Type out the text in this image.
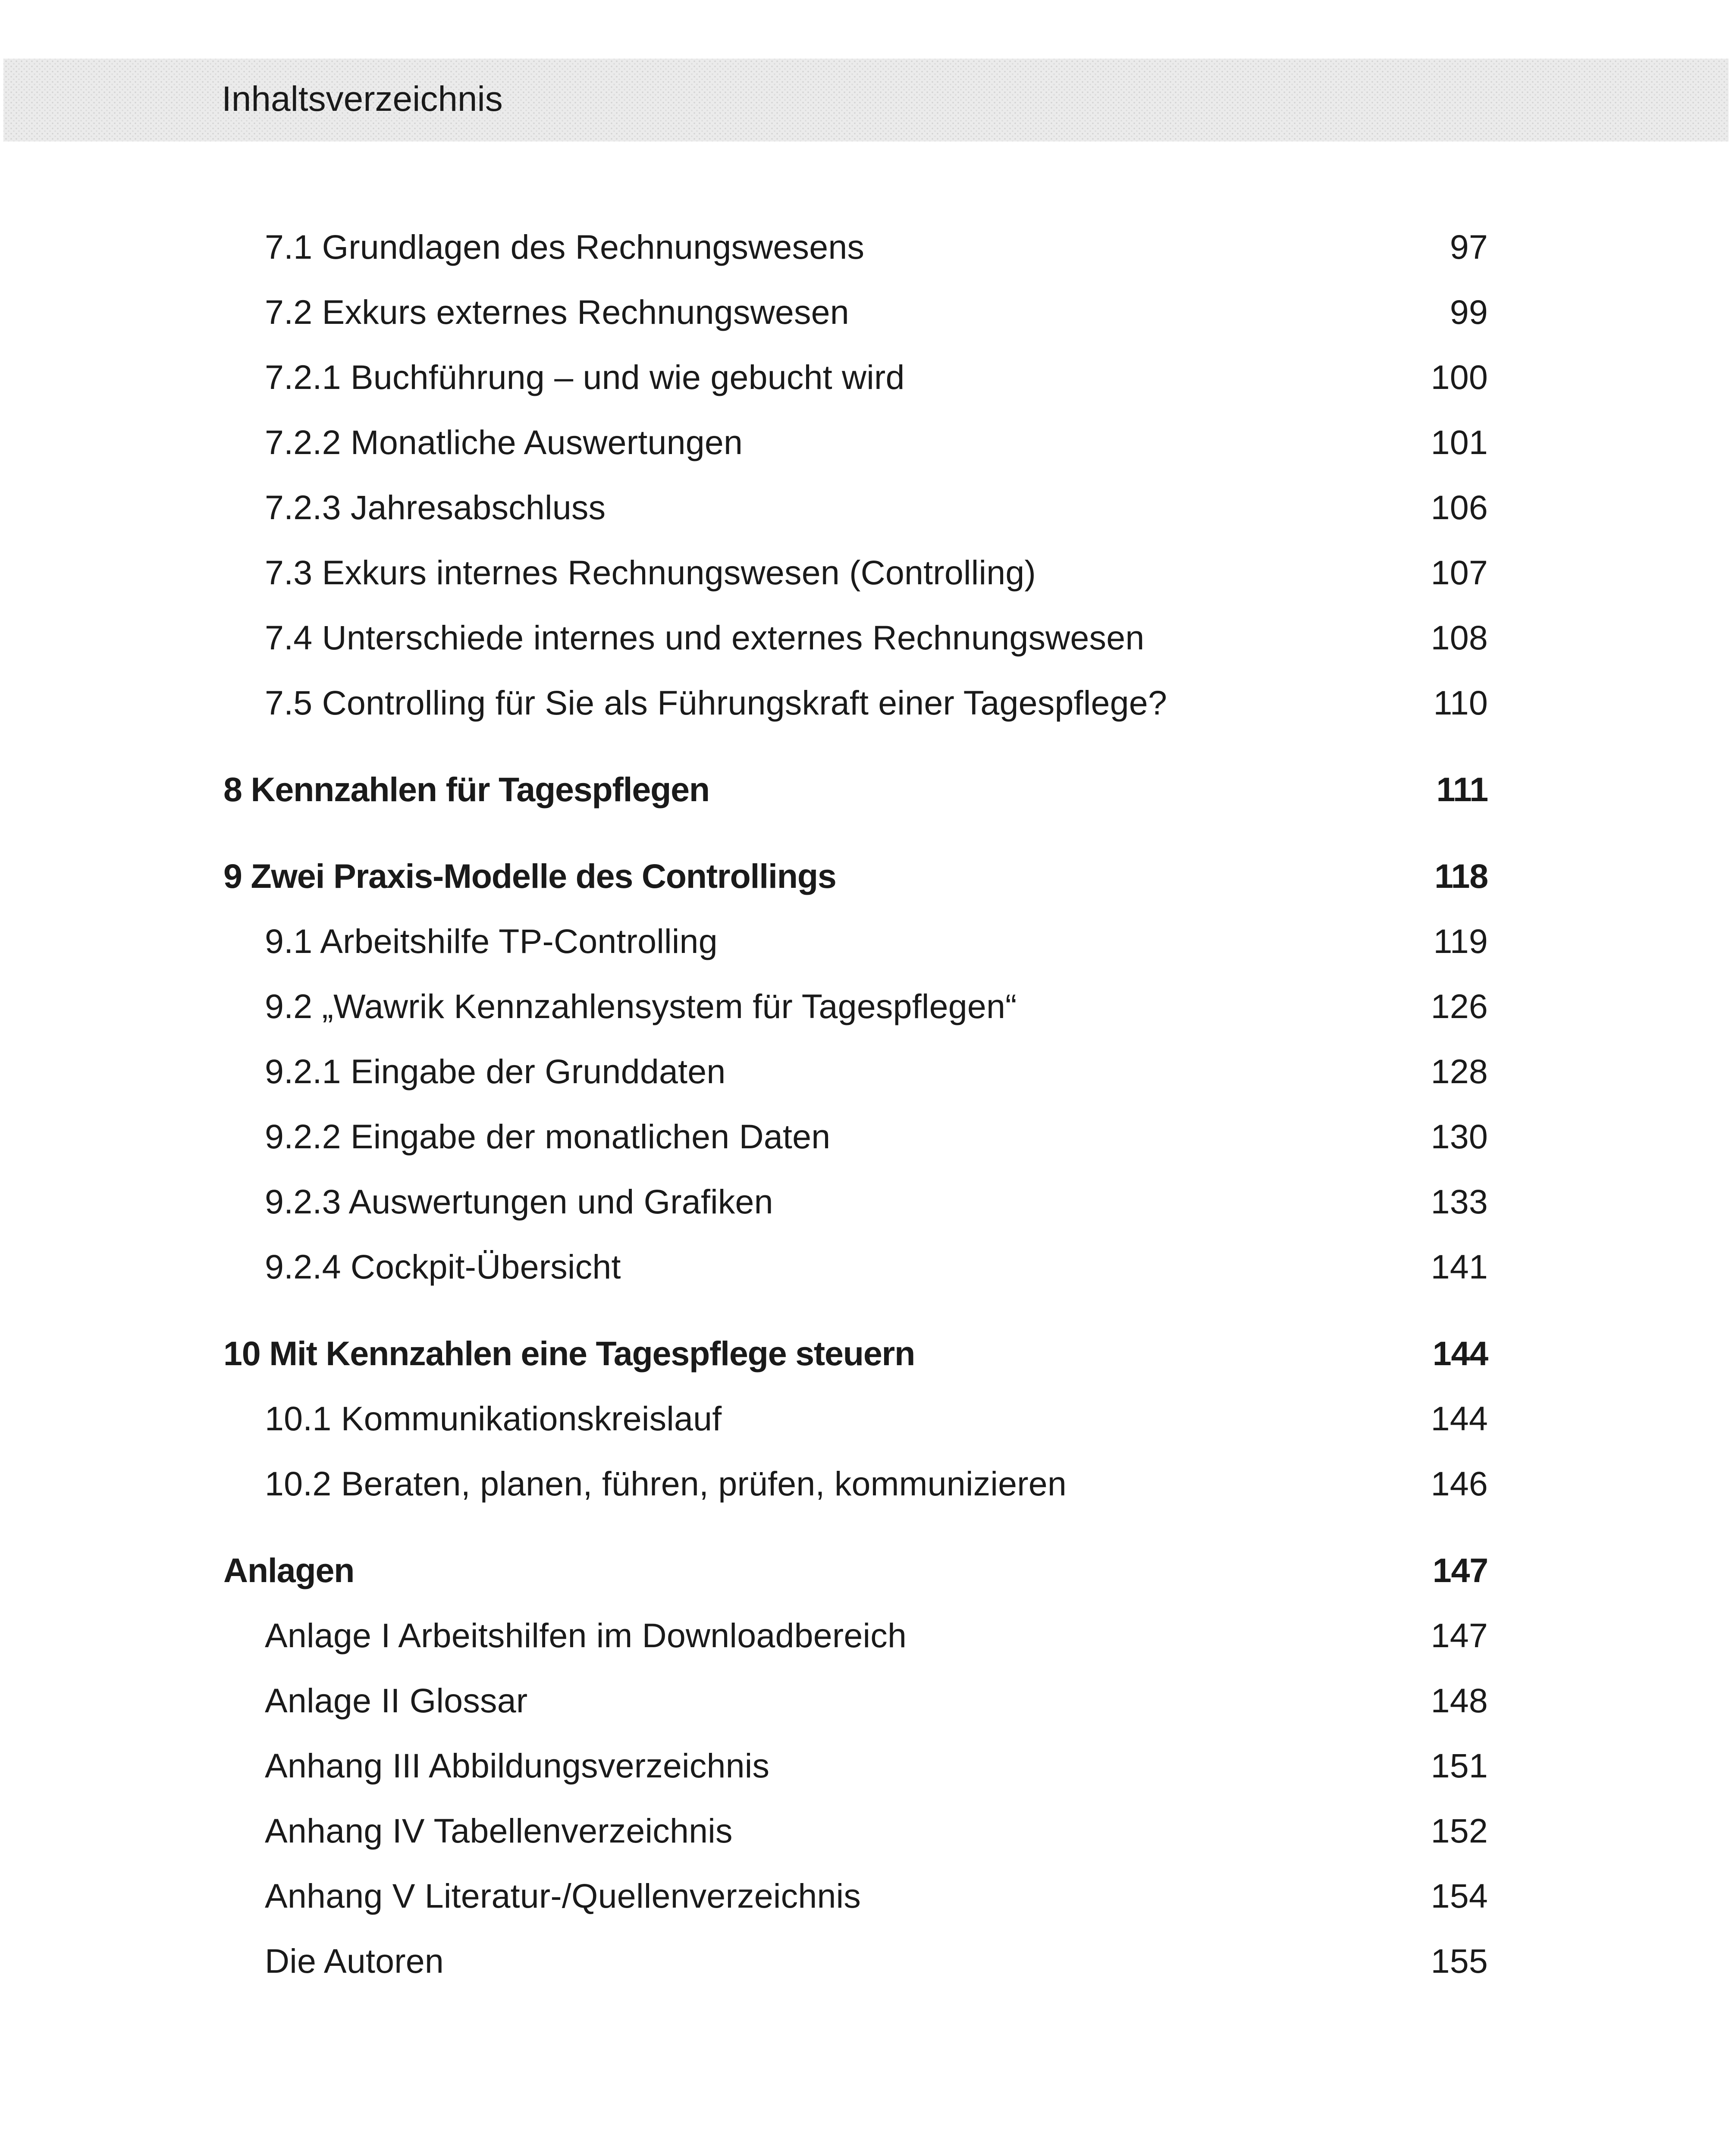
Inhaltsverzeichnis
7.1 Grundlagen des Rechnungswesens	97
7.2 Exkurs externes Rechnungswesen	99
7.2.1 Buchführung – und wie gebucht wird	100
7.2.2 Monatliche Auswertungen	101
7.2.3 Jahresabschluss	106
7.3 Exkurs internes Rechnungswesen (Controlling)	107
7.4 Unterschiede internes und externes Rechnungswesen	108
7.5 Controlling für Sie als Führungskraft einer Tagespflege?	110
8 Kennzahlen für Tagespflegen	111
9 Zwei Praxis-Modelle des Controllings	118
9.1 Arbeitshilfe TP-Controlling	119
9.2 „Wawrik Kennzahlensystem für Tagespflegen“	126
9.2.1 Eingabe der Grunddaten	128
9.2.2 Eingabe der monatlichen Daten	130
9.2.3 Auswertungen und Grafiken	133
9.2.4 Cockpit-Übersicht	141
10 Mit Kennzahlen eine Tagespflege steuern	144
10.1 Kommunikationskreislauf	144
10.2 Beraten, planen, führen, prüfen, kommunizieren	146
Anlagen	147
Anlage I Arbeitshilfen im Downloadbereich	147
Anlage II Glossar	148
Anhang III Abbildungsverzeichnis	151
Anhang IV Tabellenverzeichnis	152
Anhang V Literatur-/Quellenverzeichnis	154
Die Autoren	155
